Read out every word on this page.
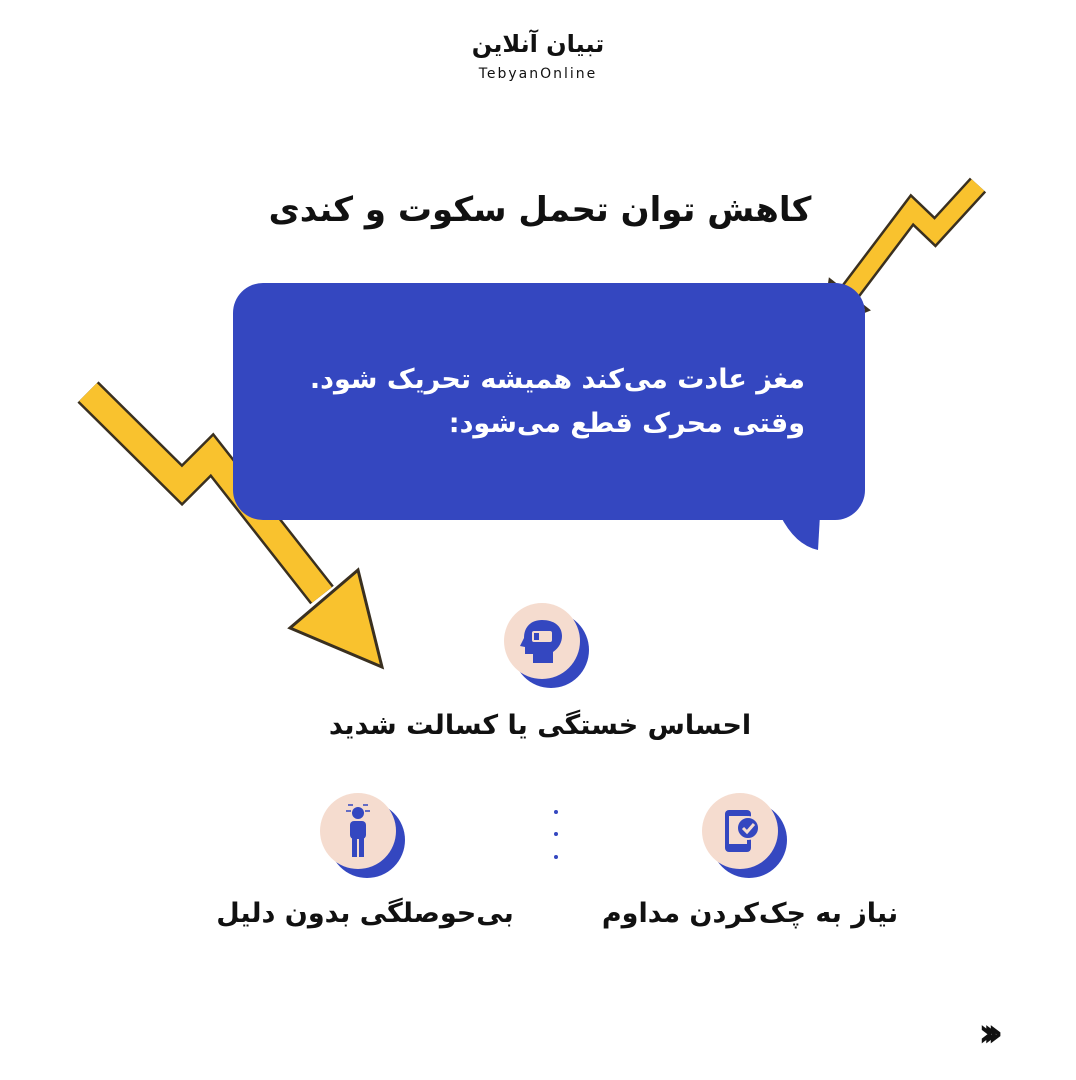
تبیان آنلاین
TebyanOnline
کاهش توان تحمل سکوت و کندی
مغز عادت می‌کند همیشه تحریک شود.
وقتی محرک قطع می‌شود:
احساس خستگی یا کسالت شدید
نیاز به چک‌کردن مداوم
بی‌حوصلگی بدون دلیل
›››
